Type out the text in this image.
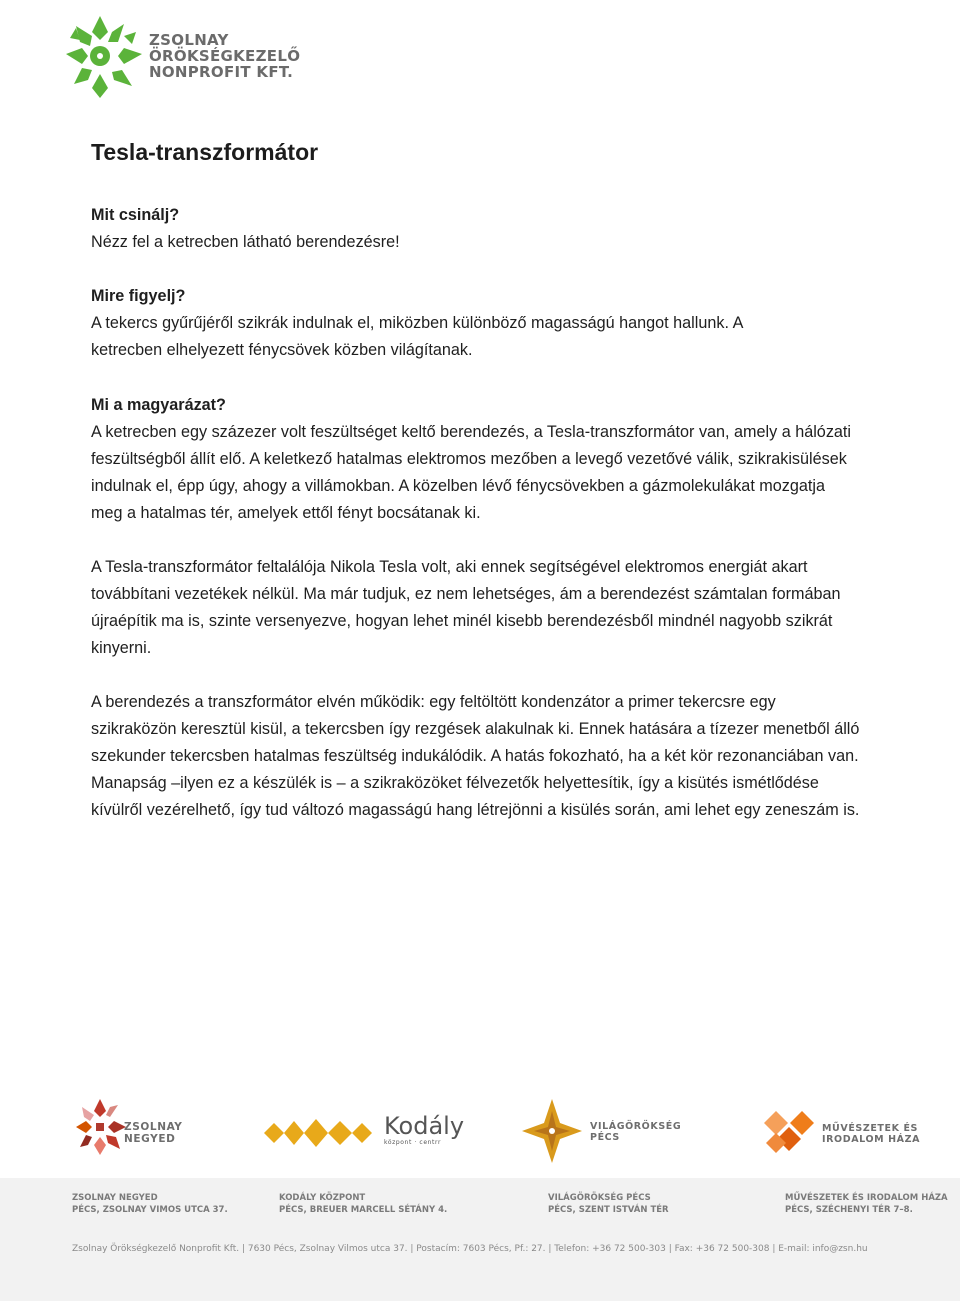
ZSOLNAY
ÖRÖKSÉGKEZELŐ
NONPROFIT KFT.
Tesla-transzformátor

Mit csinálj?

Nézz fel a ketrecben látható berendezésre!

Mire figyelj?

A tekercs gyűrűjéről szikrák indulnak el, miközben különböző magasságú hangot hallunk. A ketrecben elhelyezett fénycsövek közben világítanak.

Mi a magyarázat?

A ketrecben egy százezer volt feszültséget keltő berendezés, a Tesla-transzformátor van, amely a hálózati feszültségből állít elő. A keletkező hatalmas elektromos mezőben a levegő vezetővé válik, szikrakisülések indulnak el, épp úgy, ahogy a villámokban. A közelben lévő fénycsövekben a gázmolekulákat mozgatja meg a hatalmas tér, amelyek ettől fényt bocsátanak ki.

A Tesla-transzformátor feltalálója Nikola Tesla volt, aki ennek segítségével elektromos energiát akart továbbítani vezetékek nélkül. Ma már tudjuk, ez nem lehetséges, ám a berendezést számtalan formában újraépítik ma is, szinte versenyezve, hogyan lehet minél kisebb berendezésből mindnél nagyobb szikrát kinyerni.

A berendezés a transzformátor elvén működik: egy feltöltött kondenzátor a primer tekercsre egy szikraközön keresztül kisül, a tekercsben így rezgések alakulnak ki. Ennek hatására a tízezer menetből álló szekunder tekercsben hatalmas feszültség indukálódik. A hatás fokozható, ha a két kör rezonanciában van. Manapság –ilyen ez a készülék is – a szikraközöket félvezetők helyettesítik, így a kisütés ismétlődése kívülről vezérelhető, így tud változó magasságú hang létrejönni a kisülés során, ami lehet egy zeneszám is.

ZSOLNAY
NEGYED	Kodály
központ · centrr
VILÁGÖRÖKSÉG
PÉCS
MŰVÉSZETEK ÉS
IRODALOM HÁZA
ZSOLNAY NEGYED
PÉCS, ZSOLNAY VIMOS UTCA 37.
KODÁLY KÖZPONT
PÉCS, BREUER MARCELL SÉTÁNY 4.
VILÁGÖRÖKSÉG PÉCS
PÉCS, SZENT ISTVÁN TÉR
MŰVÉSZETEK ÉS IRODALOM HÁZA
PÉCS, SZÉCHENYI TÉR 7–8.
Zsolnay Örökségkezelő Nonprofit Kft. | 7630 Pécs, Zsolnay Vilmos utca 37. | Postacím: 7603 Pécs, Pf.: 27. | Telefon: +36 72 500-303 | Fax: +36 72 500-308 | E-mail: info@zsn.hu
